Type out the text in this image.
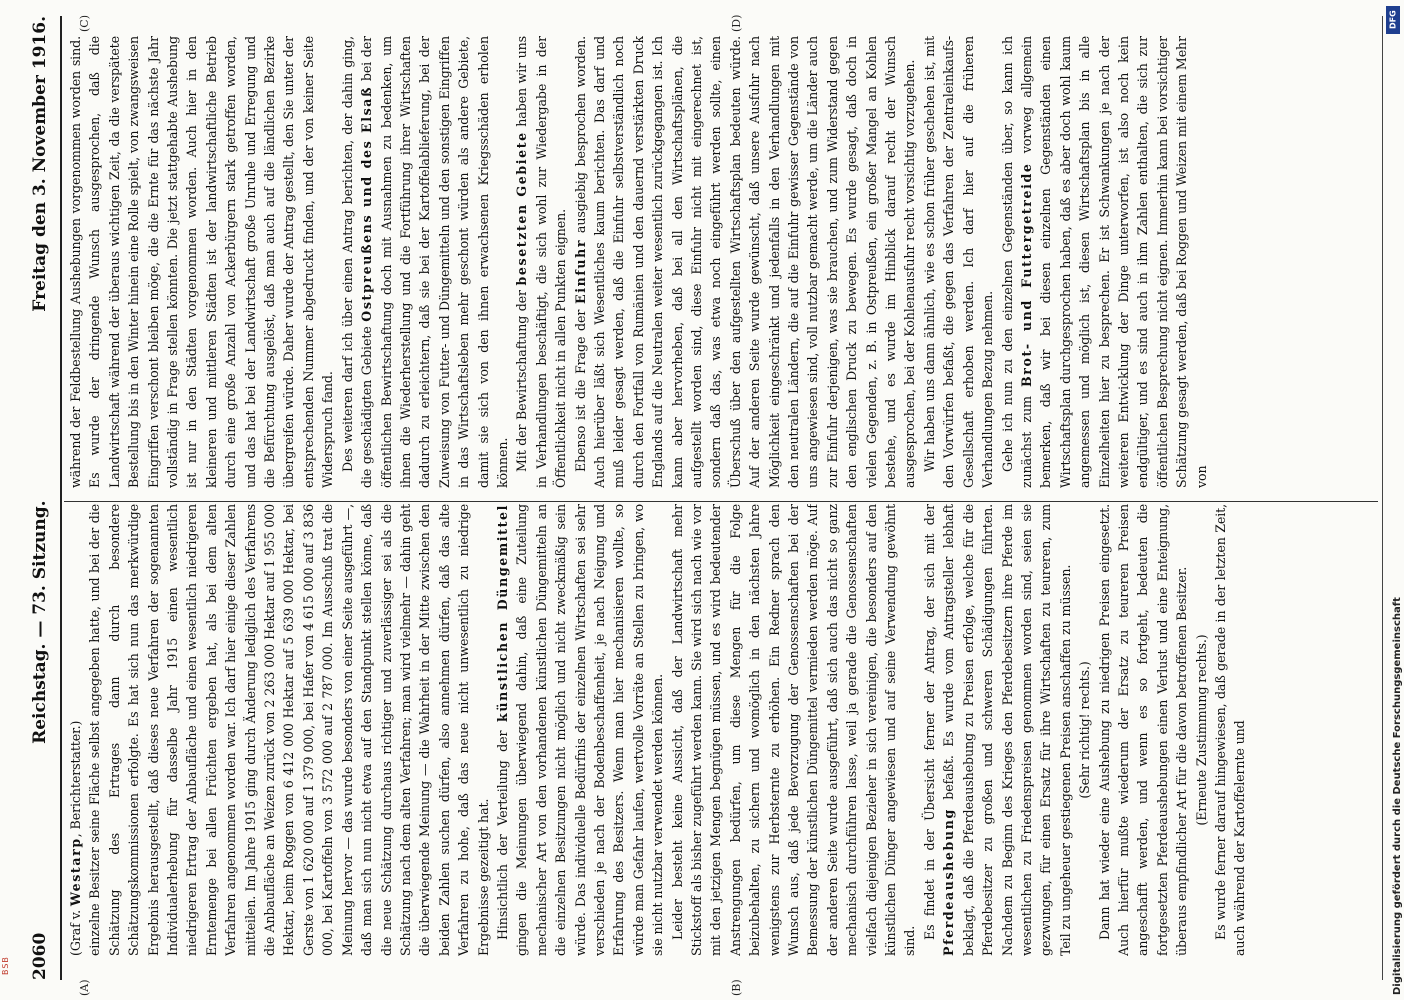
2060
Reichstag. — 73. Sitzung.
Freitag den 3. November 1916.
(A)	(B)
(C)	(D)

(Graf v. Westarp, Berichterstatter.) einzelne Besitzer seine Fläche selbst angegeben hatte, und bei der die Schätzung des Ertrages dann durch besondere Schätzungskommissionen erfolgte. Es hat sich nun das merkwürdige Ergebnis herausgestellt, daß dieses neue Verfahren der sogenannten Individualerhebung für dasselbe Jahr 1915 einen wesentlich niedrigeren Ertrag der Anbaufläche und einen wesentlich niedrigeren Erntemenge bei allen Früchten ergeben hat, als bei dem alten Verfahren angenommen worden war. Ich darf hier einige dieser Zahlen mitteilen. Im Jahre 1915 ging durch Änderung lediglich des Verfahrens die Anbaufläche an Weizen zurück von 2 263 000 Hektar auf 1 955 000 Hektar, beim Roggen von 6 412 000 Hektar auf 5 639 000 Hektar, bei Gerste von 1 620 000 auf 1 379 000, bei Hafer von 4 615 000 auf 3 836 000, bei Kartoffeln von 3 572 000 auf 2 787 000. Im Ausschuß trat die Meinung hervor — das wurde besonders von einer Seite ausgeführt —, daß man sich nun nicht etwa auf den Standpunkt stellen könne, daß die neue Schätzung durchaus richtiger und zuverlässiger sei als die Schätzung nach dem alten Verfahren; man wird vielmehr — dahin geht die überwiegende Meinung — die Wahrheit in der Mitte zwischen den beiden Zahlen suchen dürfen, also annehmen dürfen, daß das alte Verfahren zu hohe, daß das neue nicht unwesentlich zu niedrige Ergebnisse gezeitigt hat. Hinsichtlich der Verteilung der künstlichen Düngemittel gingen die Meinungen überwiegend dahin, daß eine Zuteilung mechanischer Art von den vorhandenen künstlichen Düngemitteln an die einzelnen Besitzungen nicht möglich und nicht zweckmäßig sein würde. Das individuelle Bedürfnis der einzelnen Wirtschaften sei sehr verschieden je nach der Bodenbeschaffenheit, je nach Neigung und Erfahrung des Besitzers. Wenn man hier mechanisieren wollte, so würde man Gefahr laufen, wertvolle Vorräte an Stellen zu bringen, wo sie nicht nutzbar verwendet werden können. Leider besteht keine Aussicht, daß der Landwirtschaft mehr Stickstoff als bisher zugeführt werden kann. Sie wird sich nach wie vor mit den jetzigen Mengen begnügen müssen, und es wird bedeutender Anstrengungen bedürfen, um diese Mengen für die Folge beizubehalten, zu sichern und womöglich in den nächsten Jahre wenigstens zur Herbsternte zu erhöhen. Ein Redner sprach den Wunsch aus, daß jede Bevorzugung der Genossenschaften bei der Bemessung der künstlichen Düngemittel vermieden werden möge. Auf der anderen Seite wurde ausgeführt, daß sich auch das nicht so ganz mechanisch durchführen lasse, weil ja gerade die Genossenschaften vielfach diejenigen Bezieher in sich vereinigen, die besonders auf den künstlichen Dünger angewiesen und auf seine Verwendung gewöhnt sind.

Es findet in der Übersicht ferner der Antrag, der sich mit der Pferdeaushebung befaßt. Es wurde vom Antragsteller lebhaft beklagt, daß die Pferdeaushebung zu Preisen erfolge, welche für die Pferdebesitzer zu großen und schweren Schädigungen führten. Nachdem zu Beginn des Krieges den Pferdebesitzern ihre Pferde im wesentlichen zu Friedenspreisen genommen worden sind, seien sie gezwungen, für einen Ersatz für ihre Wirtschaften zu teureren, zum Teil zu ungeheuer gestiegenen Preisen anschaffen zu müssen. (Sehr richtig! rechts.) Dann hat wieder eine Aushebung zu niedrigen Preisen eingesetzt. Auch hierfür mußte wiederum der Ersatz zu teureren Preisen angeschafft werden, und wenn es so fortgeht, bedeuten die fortgesetzten Pferdeaushebungen einen Verlust und eine Enteignung, überaus empfindlicher Art für die davon betroffenen Besitzer. (Erneute Zustimmung rechts.) Es wurde ferner darauf hingewiesen, daß gerade in der letzten Zeit, auch während der Kartoffelernte und

während der Feldbestellung Aushebungen vorgenommen worden sind. Es wurde der dringende Wunsch ausgesprochen, daß die Landwirtschaft während der überaus wichtigen Zeit, da die verspätete Bestellung bis in den Winter hinein eine Rolle spielt, von zwangsweisen Eingriffen verschont bleiben möge, die die Ernte für das nächste Jahr vollständig in Frage stellen könnten. Die jetzt stattgehabte Aushebung ist nur in den Städten vorgenommen worden. Auch hier in den kleineren und mittleren Städten ist der landwirtschaftliche Betrieb durch eine große Anzahl von Ackerbürgern stark getroffen worden, und das hat bei der Landwirtschaft große Unruhe und Erregung und die Befürchtung ausgelöst, daß man auch auf die ländlichen Bezirke übergreifen würde. Daher wurde der Antrag gestellt, den Sie unter der entsprechenden Nummer abgedruckt finden, und der von keiner Seite Widerspruch fand. Des weiteren darf ich über einen Antrag berichten, der dahin ging, die geschädigten Gebiete Ostpreußens und des Elsaß bei der öffentlichen Bewirtschaftung doch mit Ausnahmen zu bedenken, um ihnen die Wiederherstellung und die Fortführung ihrer Wirtschaften dadurch zu erleichtern, daß sie bei der Kartoffelablieferung, bei der Zuweisung von Futter- und Düngemitteln und den sonstigen Eingriffen in das Wirtschaftsleben mehr geschont würden als andere Gebiete, damit sie sich von den ihnen erwachsenen Kriegsschäden erholen können. Mit der Bewirtschaftung der besetzten Gebiete haben wir uns in Verhandlungen beschäftigt, die sich wohl zur Wiedergabe in der Öffentlichkeit nicht in allen Punkten eignen. Ebenso ist die Frage der Einfuhr ausgiebig besprochen worden. Auch hierüber läßt sich Wesentliches kaum berichten. Das darf und muß leider gesagt werden, daß die Einfuhr selbstverständlich noch durch den Fortfall von Rumänien und den dauernd verstärkten Druck Englands auf die Neutralen weiter wesentlich zurückgegangen ist. Ich kann aber hervorheben, daß bei all den Wirtschaftsplänen, die aufgestellt worden sind, diese Einfuhr nicht mit eingerechnet ist, sondern daß das, was etwa noch eingeführt werden sollte, einen Überschuß über den aufgestellten Wirtschaftsplan bedeuten würde. Auf der anderen Seite wurde gewünscht, daß unsere Ausfuhr nach Möglichkeit eingeschränkt und jedenfalls in den Verhandlungen mit den neutralen Ländern, die auf die Einfuhr gewisser Gegenstände von uns angewiesen sind, voll nutzbar gemacht werde, um die Länder auch zur Einfuhr derjenigen, was sie brauchen, und zum Widerstand gegen den englischen Druck zu bewegen. Es wurde gesagt, daß doch in vielen Gegenden, z. B. in Ostpreußen, ein großer Mangel an Kohlen bestehe, und es wurde im Hinblick darauf recht der Wunsch ausgesprochen, bei der Kohlenausfuhr recht vorsichtig vorzugehen. Wir haben uns dann ähnlich, wie es schon früher geschehen ist, mit den Vorwürfen befaßt, die gegen das Verfahren der Zentraleinkaufs-Gesellschaft erhoben werden. Ich darf hier auf die früheren Verhandlungen Bezug nehmen. Gehe ich nun zu den einzelnen Gegenständen über, so kann ich zunächst zum Brot- und Futtergetreide vorweg allgemein bemerken, daß wir bei diesen einzelnen Gegenständen einen Wirtschaftsplan durchgesprochen haben, daß es aber doch wohl kaum angemessen und möglich ist, diesen Wirtschaftsplan bis in alle Einzelheiten hier zu besprechen. Er ist Schwankungen je nach der weiteren Entwicklung der Dinge unterworfen, ist also noch kein endgültiger, und es sind auch in ihm Zahlen enthalten, die sich zur öffentlichen Besprechung nicht eignen. Immerhin kann bei vorsichtiger Schätzung gesagt werden, daß bei Roggen und Weizen mit einem Mehr von

DFG
Digitalisierung gefördert durch die Deutsche Forschungsgemeinschaft
BSB
